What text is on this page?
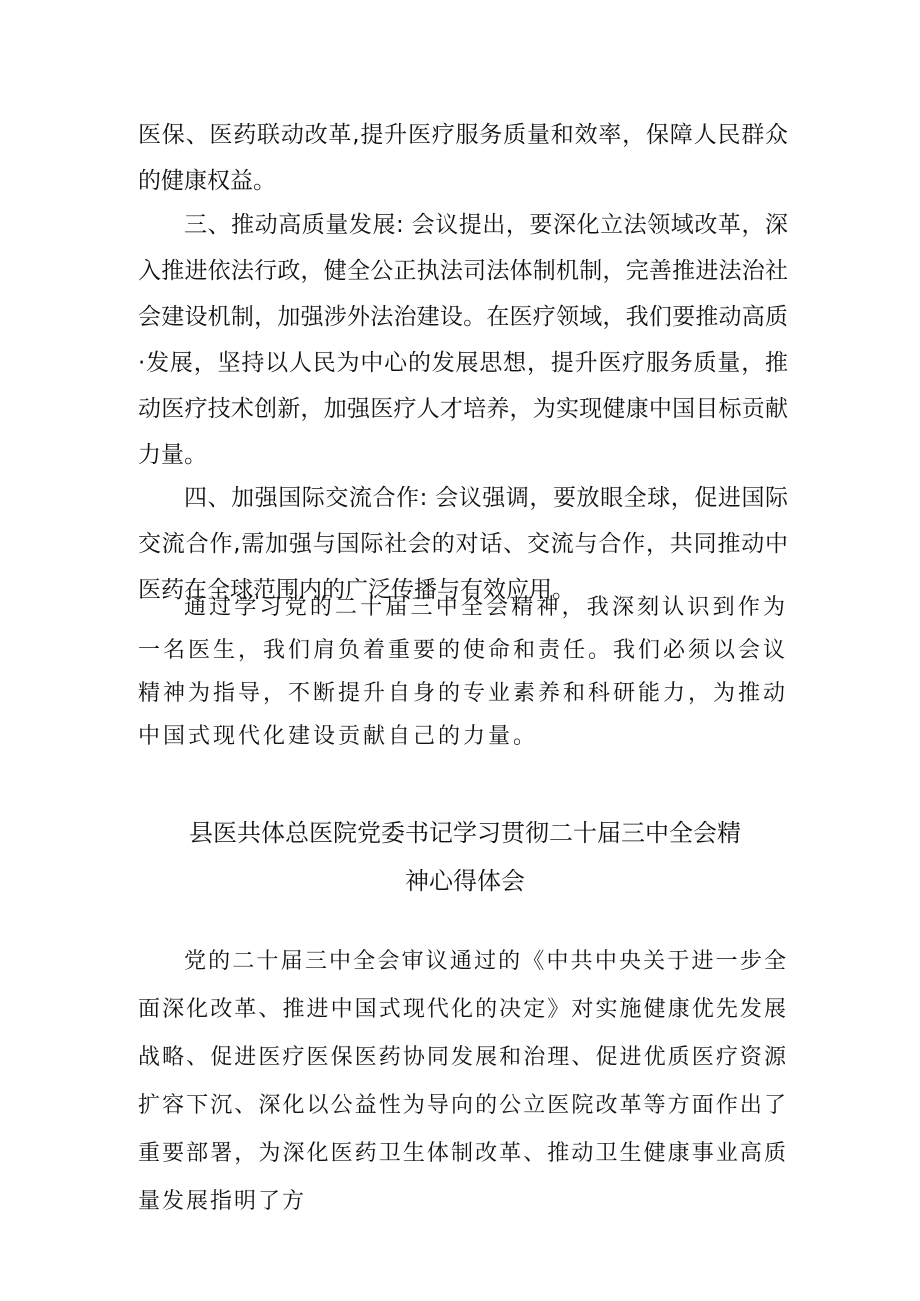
医保、医药联动改革,提升医疗服务质量和效率，保障人民群众的健康权益。

三、推动高质量发展: 会议提出，要深化立法领域改革，深入推进依法行政，健全公正执法司法体制机制，完善推进法治社会建设机制，加强涉外法治建设。在医疗领域，我们要推动高质·发展，坚持以人民为中心的发展思想，提升医疗服务质量，推动医疗技术创新，加强医疗人才培养，为实现健康中国目标贡献力量。

四、加强国际交流合作: 会议强调，要放眼全球，促进国际交流合作,需加强与国际社会的对话、交流与合作，共同推动中医药在全球范围内的广泛传播与有效应用。

通过学习党的二十届三中全会精神，我深刻认识到作为一名医生，我们肩负着重要的使命和责任。我们必须以会议精神为指导，不断提升自身的专业素养和科研能力，为推动中国式现代化建设贡献自己的力量。

县医共体总医院党委书记学习贯彻二十届三中全会精
神心得体会

党的二十届三中全会审议通过的《中共中央关于进一步全面深化改革、推进中国式现代化的决定》对实施健康优先发展战略、促进医疗医保医药协同发展和治理、促进优质医疗资源扩容下沉、深化以公益性为导向的公立医院改革等方面作出了重要部署，为深化医药卫生体制改革、推动卫生健康事业高质量发展指明了方
